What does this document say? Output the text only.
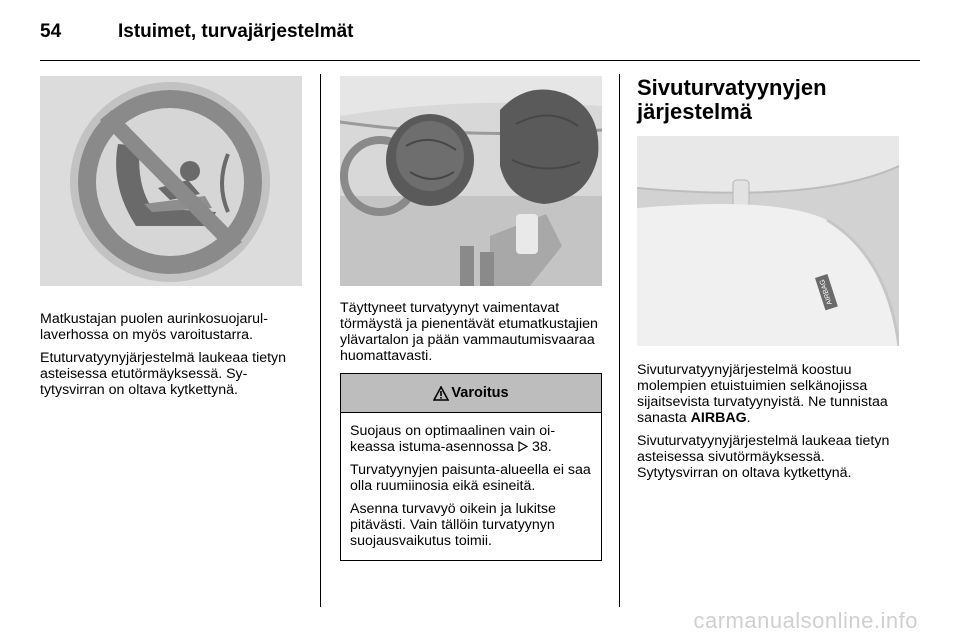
54	Istuimet, turvajärjestelmät

Matkustajan puolen aurinkosuojarullaverhossa on myös varoitustarra.

Etuturvatyynyjärjestelmä laukeaa tietyn asteisessa etutörmäyksessä. Sytytysvirran on oltava kytkettynä.

Täyttyneet turvatyynyt vaimentavat törmäystä ja pienentävät etumatkustajien ylävartalon ja pään vammautumisvaaraa huomattavasti.

Varoitus

Suojaus on optimaalinen vain oikeassa istuma-asennossa 38.

Turvatyynyjen paisunta-alueella ei saa olla ruumiinosia eikä esineitä.

Asenna turvavyö oikein ja lukitse pitävästi. Vain tällöin turvatyynyn suojausvaikutus toimii.

Sivuturvatyynyjen järjestelmä
AIRBAG

Sivuturvatyynyjärjestelmä koostuu molempien etuistuimien selkänojissa sijaitsevista turvatyynyistä. Ne tunnistaa sanasta AIRBAG.

Sivuturvatyynyjärjestelmä laukeaa tietyn asteisessa sivutörmäyksessä. Sytytysvirran on oltava kytkettynä.

carmanualsonline.info
